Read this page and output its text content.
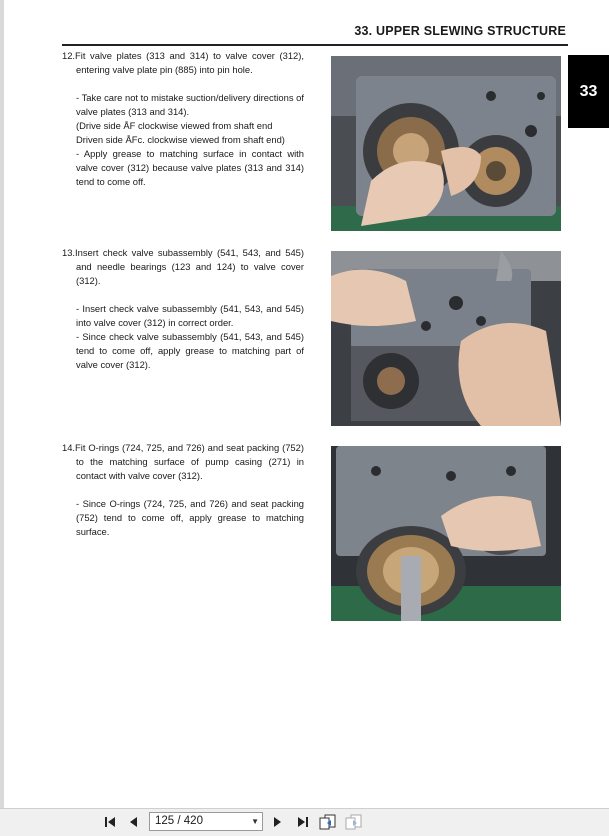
33. UPPER SLEWING STRUCTURE
33

12.Fit valve plates (313 and 314) to valve cover (312), entering valve plate pin (885) into pin hole.

- Take care not to mistake suction/delivery directions of valve plates (313 and 314).

(Drive side ÅF clockwise viewed from shaft end

Driven side ÅFc. clockwise viewed from shaft end)

- Apply grease to matching surface in contact with valve cover (312) because valve plates (313 and 314) tend to come off.

13.Insert check valve subassembly (541, 543, and 545) and needle bearings (123 and 124) to valve cover (312).

- Insert check valve subassembly (541, 543, and 545) into valve cover (312) in correct order.

- Since check valve subassembly (541, 543, and 545) tend to come off, apply grease to matching part of valve cover (312).

14.Fit O-rings (724, 725, and 726) and seat packing (752) to the matching surface of pump casing (271) in contact with valve cover (312).

- Since O-rings (724, 725, and 726) and seat packing (752) tend to come off, apply grease to matching surface.

125 / 420	▼
